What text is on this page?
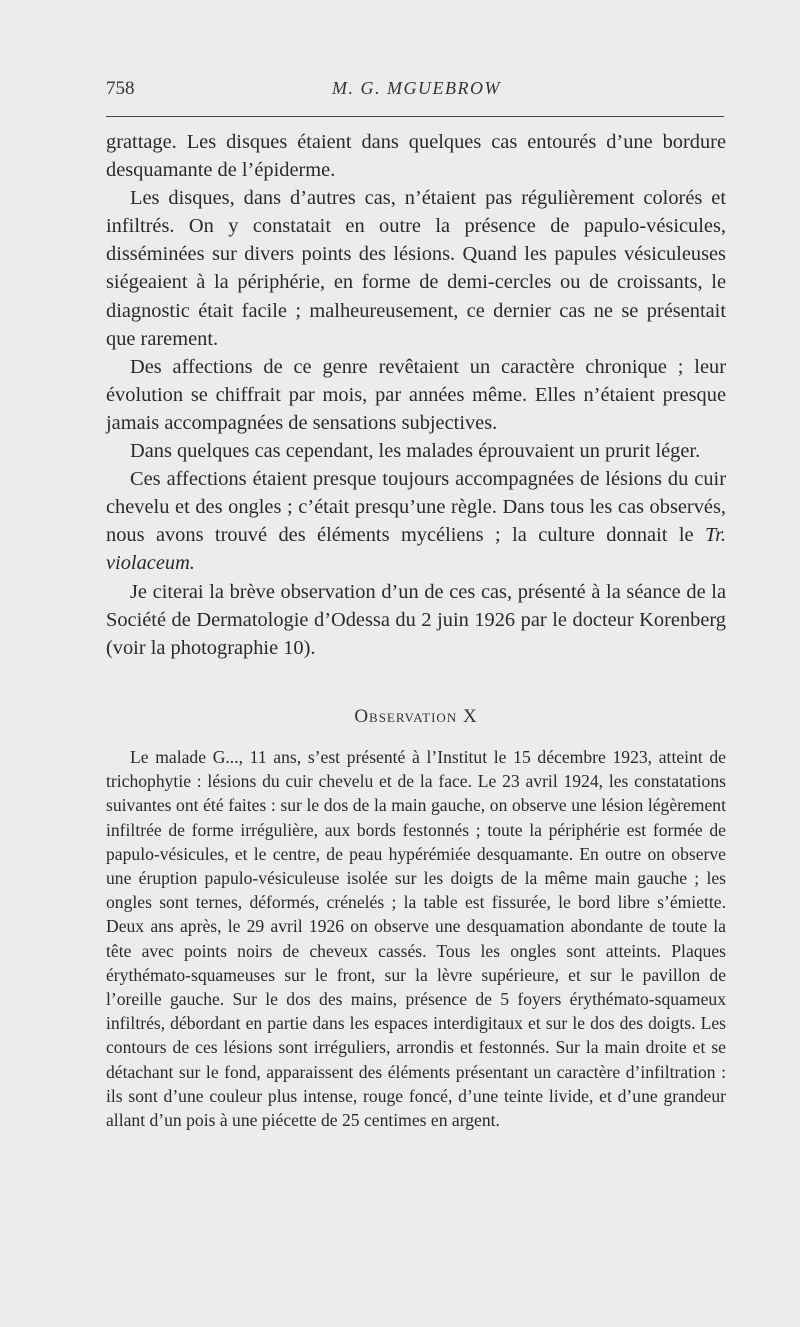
758	M. G. MGUEBROW

grattage. Les disques étaient dans quelques cas entourés d’une bordure desquamante de l’épiderme.

Les disques, dans d’autres cas, n’étaient pas régulièrement colorés et infiltrés. On y constatait en outre la présence de papulo-vésicules, disséminées sur divers points des lésions. Quand les papules vésiculeuses siégeaient à la périphérie, en forme de demi-cercles ou de croissants, le diagnostic était facile ; malheureusement, ce dernier cas ne se présentait que rarement.

Des affections de ce genre revêtaient un caractère chronique ; leur évolution se chiffrait par mois, par années même. Elles n’étaient presque jamais accompagnées de sensations subjectives.

Dans quelques cas cependant, les malades éprouvaient un prurit léger.

Ces affections étaient presque toujours accompagnées de lésions du cuir chevelu et des ongles ; c’était presqu’une règle. Dans tous les cas observés, nous avons trouvé des éléments mycéliens ; la culture donnait le Tr. violaceum.

Je citerai la brève observation d’un de ces cas, présenté à la séance de la Société de Dermatologie d’Odessa du 2 juin 1926 par le docteur Korenberg (voir la photographie 10).

Observation X

Le malade G..., 11 ans, s’est présenté à l’Institut le 15 décembre 1923, atteint de trichophytie : lésions du cuir chevelu et de la face. Le 23 avril 1924, les constatations suivantes ont été faites : sur le dos de la main gauche, on observe une lésion légèrement infiltrée de forme irrégulière, aux bords festonnés ; toute la périphérie est formée de papulo-vésicules, et le centre, de peau hypérémiée desquamante. En outre on observe une éruption papulo-vésiculeuse isolée sur les doigts de la même main gauche ; les ongles sont ternes, déformés, crénelés ; la table est fissurée, le bord libre s’émiette. Deux ans après, le 29 avril 1926 on observe une desquamation abondante de toute la tête avec points noirs de cheveux cassés. Tous les ongles sont atteints. Plaques érythémato-squameuses sur le front, sur la lèvre supérieure, et sur le pavillon de l’oreille gauche. Sur le dos des mains, présence de 5 foyers érythémato-squameux infiltrés, débordant en partie dans les espaces interdigitaux et sur le dos des doigts. Les contours de ces lésions sont irréguliers, arrondis et festonnés. Sur la main droite et se détachant sur le fond, apparaissent des éléments présentant un caractère d’infiltration : ils sont d’une couleur plus intense, rouge foncé, d’une teinte livide, et d’une grandeur allant d’un pois à une piécette de 25 centimes en argent.
